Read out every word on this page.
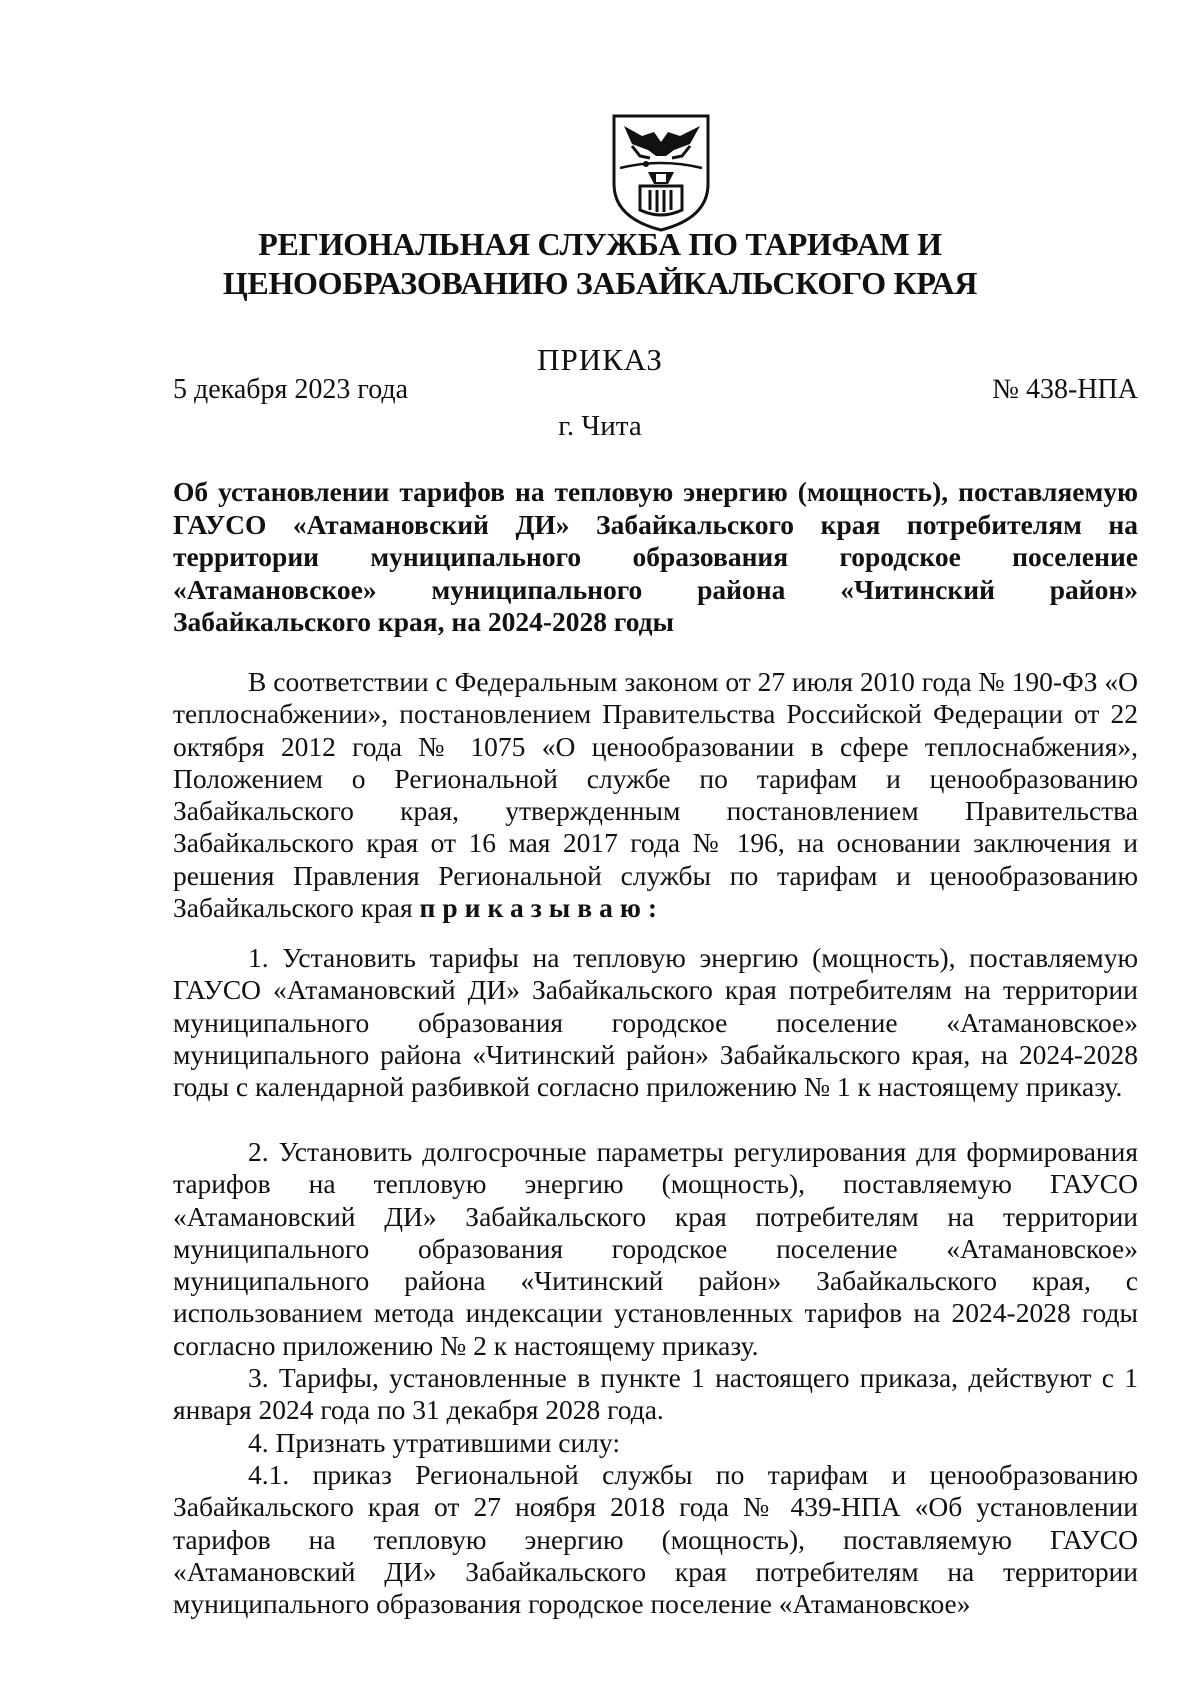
РЕГИОНАЛЬНАЯ СЛУЖБА ПО ТАРИФАМ И
ЦЕНООБРАЗОВАНИЮ ЗАБАЙКАЛЬСКОГО КРАЯ
ПРИКАЗ
5 декабря 2023 года	№ 438-НПА
г. Чита

Об установлении тарифов на тепловую энергию (мощность), поставляемую ГАУСО «Атамановский ДИ» Забайкальского края потребителям на территории муниципального образования городское поселение «Атамановское» муниципального района «Читинский район» Забайкальского края, на 2024-2028 годы

В соответствии с Федеральным законом от 27 июля 2010 года № 190-ФЗ «О теплоснабжении», постановлением Правительства Российской Федерации от 22 октября 2012 года № 1075 «О ценообразовании в сфере теплоснабжения», Положением о Региональной службе по тарифам и ценообразованию Забайкальского края, утвержденным постановлением Правительства Забайкальского края от 16 мая 2017 года № 196, на основании заключения и решения Правления Региональной службы по тарифам и ценообразованию Забайкальского края приказываю:

1. Установить тарифы на тепловую энергию (мощность), поставляемую ГАУСО «Атамановский ДИ» Забайкальского края потребителям на территории муниципального образования городское поселение «Атамановское» муниципального района «Читинский район» Забайкальского края, на 2024-2028 годы с календарной разбивкой согласно приложению № 1 к настоящему приказу.

2. Установить долгосрочные параметры регулирования для формирования тарифов на тепловую энергию (мощность), поставляемую ГАУСО «Атамановский ДИ» Забайкальского края потребителям на территории муниципального образования городское поселение «Атамановское» муниципального района «Читинский район» Забайкальского края, с использованием метода индексации установленных тарифов на 2024-2028 годы согласно приложению № 2 к настоящему приказу.

3. Тарифы, установленные в пункте 1 настоящего приказа, действуют с 1 января 2024 года по 31 декабря 2028 года.

4. Признать утратившими силу:

4.1. приказ Региональной службы по тарифам и ценообразованию Забайкальского края от 27 ноября 2018 года № 439-НПА «Об установлении тарифов на тепловую энергию (мощность), поставляемую ГАУСО «Атамановский ДИ» Забайкальского края потребителям на территории муниципального образования городское поселение «Атамановское»
